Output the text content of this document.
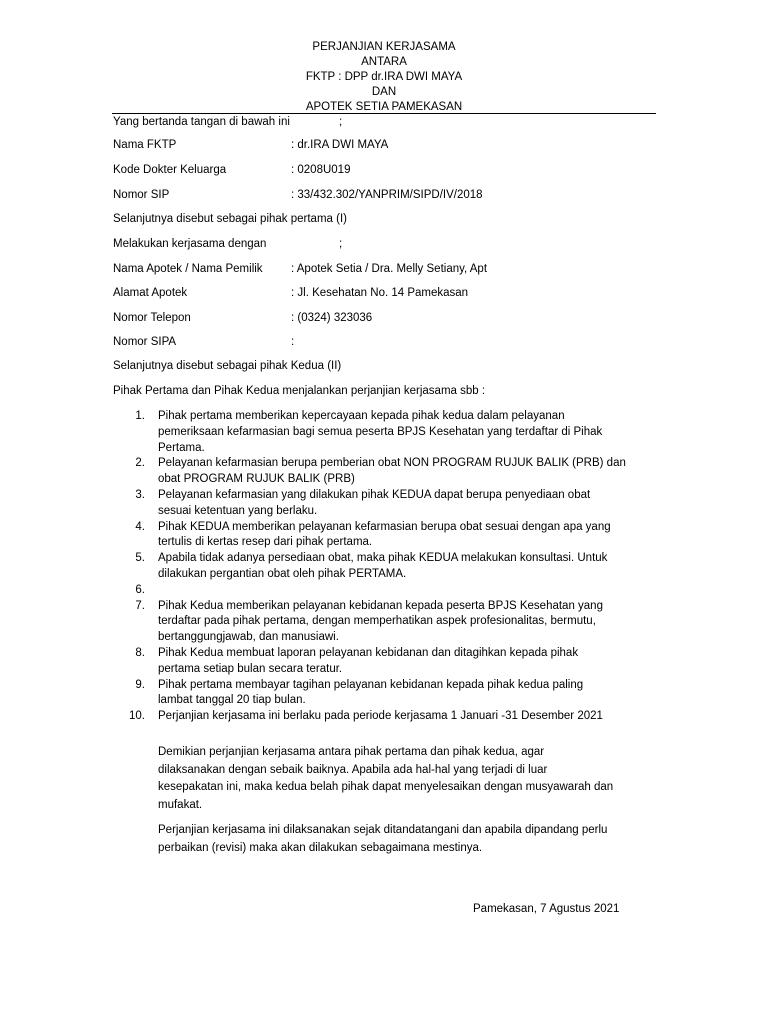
PERJANJIAN KERJASAMA
ANTARA
FKTP : DPP dr.IRA DWI MAYA
DAN
APOTEK SETIA PAMEKASAN
Yang bertanda tangan di bawah ini	;
Nama FKTP	: dr.IRA DWI MAYA
Kode Dokter Keluarga	: 0208U019
Nomor SIP	: 33/432.302/YANPRIM/SIPD/IV/2018
Selanjutnya disebut sebagai pihak pertama (I)
Melakukan kerjasama dengan	;
Nama Apotek / Nama Pemilik : Apotek Setia / Dra. Melly Setiany, Apt
Alamat Apotek	: Jl. Kesehatan No. 14 Pamekasan
Nomor Telepon	: (0324) 323036
Nomor SIPA	:
Selanjutnya disebut sebagai pihak Kedua (II)
Pihak Pertama dan Pihak Kedua menjalankan perjanjian kerjasama sbb :
1.	Pihak pertama memberikan kepercayaan kepada pihak kedua dalam pelayanan
pemeriksaan kefarmasian bagi semua peserta BPJS Kesehatan yang terdaftar di Pihak
Pertama.
2.	Pelayanan kefarmasian berupa pemberian obat NON PROGRAM RUJUK BALIK (PRB) dan
obat PROGRAM RUJUK BALIK (PRB)
3.	Pelayanan kefarmasian yang dilakukan pihak KEDUA dapat berupa penyediaan obat
sesuai ketentuan yang berlaku.
4.	Pihak KEDUA memberikan pelayanan kefarmasian berupa obat sesuai dengan apa yang
tertulis di kertas resep dari pihak pertama.
5.	Apabila tidak adanya persediaan obat, maka pihak KEDUA melakukan konsultasi. Untuk
dilakukan pergantian obat oleh pihak PERTAMA.
6.
7.	Pihak Kedua memberikan pelayanan kebidanan kepada peserta BPJS Kesehatan yang
terdaftar pada pihak pertama, dengan memperhatikan aspek profesionalitas, bermutu,
bertanggungjawab, dan manusiawi.
8.	Pihak Kedua membuat laporan pelayanan kebidanan dan ditagihkan kepada pihak
pertama setiap bulan secara teratur.
9.	Pihak pertama membayar tagihan pelayanan kebidanan kepada pihak kedua paling
lambat tanggal 20 tiap bulan.
10.	Perjanjian kerjasama ini berlaku pada periode kerjasama 1 Januari -31 Desember 2021
Demikian perjanjian kerjasama antara pihak pertama dan pihak kedua, agar
dilaksanakan dengan sebaik baiknya. Apabila ada hal-hal yang terjadi di luar
kesepakatan ini, maka kedua belah pihak dapat menyelesaikan dengan musyawarah dan
mufakat.
Perjanjian kerjasama ini dilaksanakan sejak ditandatangani dan apabila dipandang perlu
perbaikan (revisi) maka akan dilakukan sebagaimana mestinya.
Pamekasan, 7 Agustus 2021
